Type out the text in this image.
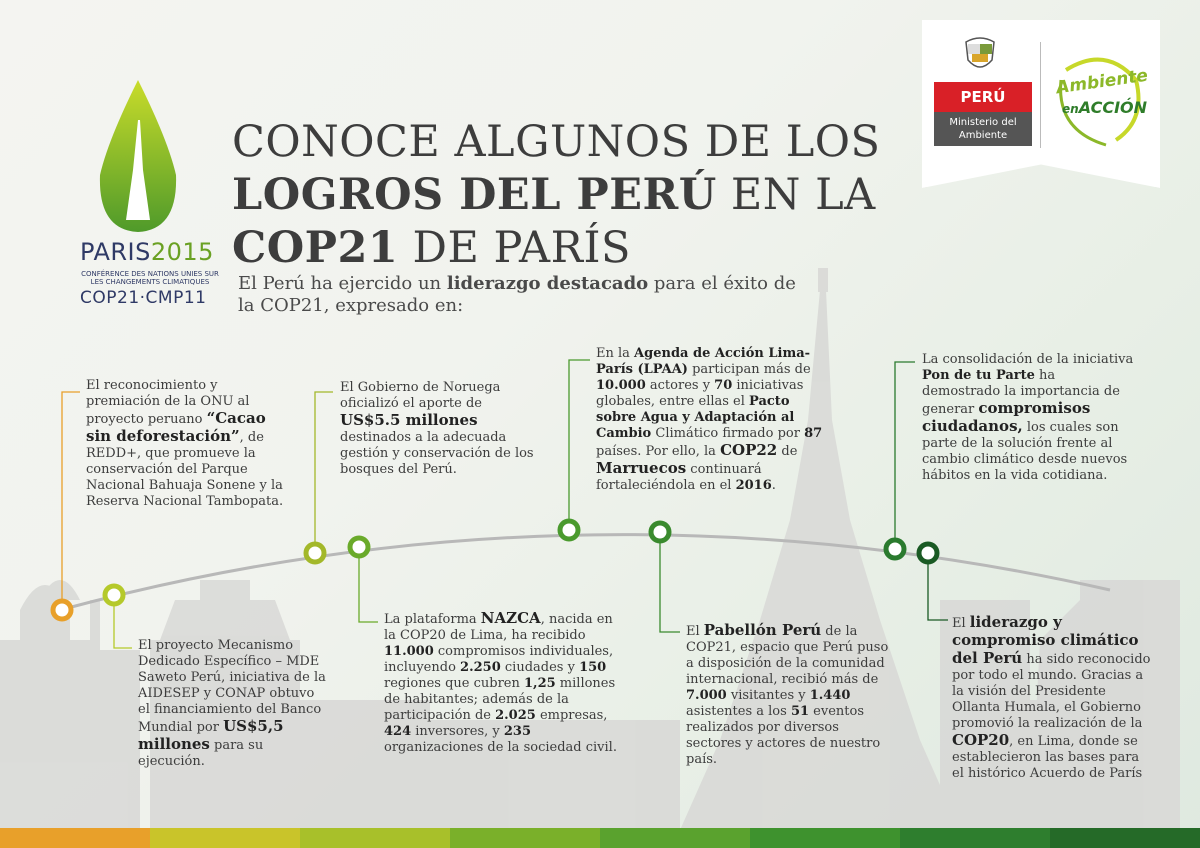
PARIS2015
CONFÉRENCE DES NATIONS UNIES SUR LES CHANGEMENTS CLIMATIQUES
COP21·CMP11
PERÚ
Ministerio del Ambiente
Ambiente
enACCIÓN
CONOCE ALGUNOS DE LOS
LOGROS DEL PERÚ EN LA
COP21 DE PARÍS
El Perú ha ejercido un liderazgo destacado para el éxito de la COP21, expresado en:
El reconocimiento y premiación de la ONU al proyecto peruano “Cacao sin deforestación”, de REDD+, que promueve la conservación del Parque Nacional Bahuaja Sonene y la Reserva Nacional Tambopata.
El proyecto Mecanismo Dedicado Específico – MDE Saweto Perú, iniciativa de la AIDESEP y CONAP obtuvo el financiamiento del Banco Mundial por US$5,5 millones para su ejecución.
El Gobierno de Noruega oficializó el aporte de US$5.5 millones destinados a la adecuada gestión y conservación de los bosques del Perú.
La plataforma NAZCA, nacida en la COP20 de Lima, ha recibido 11.000 compromisos individuales, incluyendo 2.250 ciudades y 150 regiones que cubren 1,25 millones de habitantes; además de la participación de 2.025 empresas, 424 inversores, y 235 organizaciones de la sociedad civil.
En la Agenda de Acción Lima-París (LPAA) participan más de 10.000 actores y 70 iniciativas globales, entre ellas el Pacto sobre Agua y Adaptación al Cambio Climático firmado por 87 países. Por ello, la COP22 de Marruecos continuará fortaleciéndola en el 2016.
El Pabellón Perú de la COP21, espacio que Perú puso a disposición de la comunidad internacional, recibió más de 7.000 visitantes y 1.440 asistentes a los 51 eventos realizados por diversos sectores y actores de nuestro país.
La consolidación de la iniciativa Pon de tu Parte ha demostrado la importancia de generar compromisos ciudadanos, los cuales son parte de la solución frente al cambio climático desde nuevos hábitos en la vida cotidiana.
El liderazgo y compromiso climático del Perú ha sido reconocido por todo el mundo. Gracias a la visión del Presidente Ollanta Humala, el Gobierno promovió la realización de la COP20, en Lima, donde se establecieron las bases para el histórico Acuerdo de París
